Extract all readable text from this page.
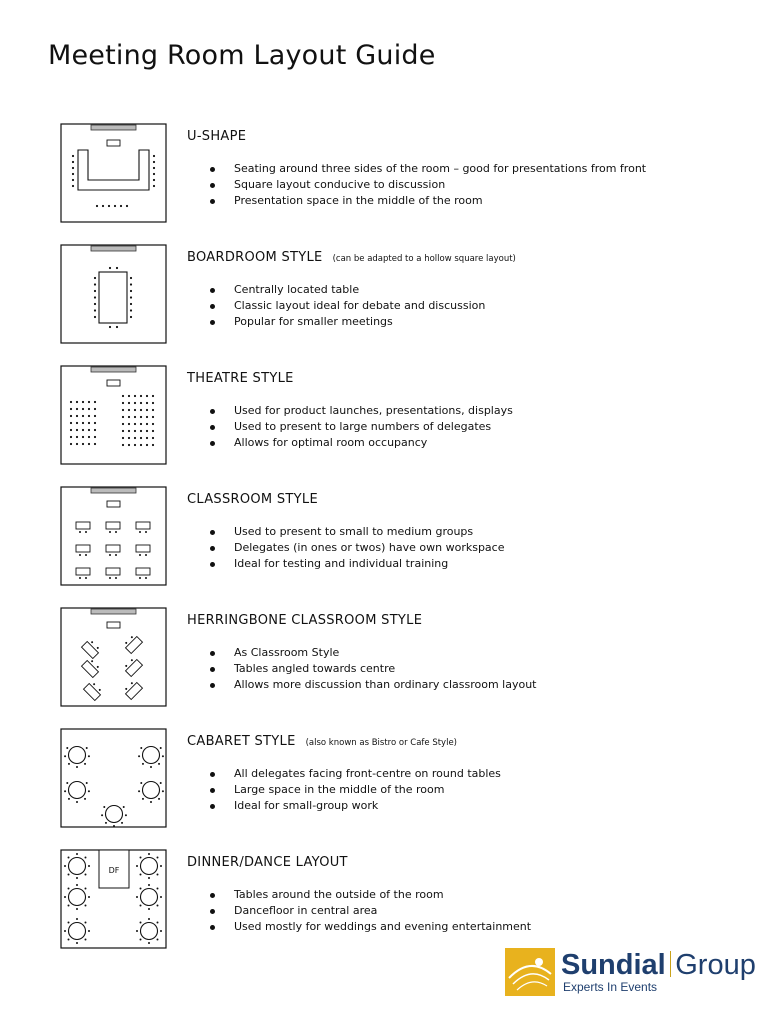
Meeting Room Layout Guide
U-SHAPE
Seating around three sides of the room – good for presentations from front
Square layout conducive to discussion
Presentation space in the middle of the room
BOARDROOM STYLE (can be adapted to a hollow square layout)
Centrally located table
Classic layout ideal for debate and discussion
Popular for smaller meetings
THEATRE STYLE
Used for product launches, presentations, displays
Used to present to large numbers of delegates
Allows for optimal room occupancy
CLASSROOM STYLE
Used to present to small to medium groups
Delegates (in ones or twos) have own workspace
Ideal for testing and individual training
HERRINGBONE CLASSROOM STYLE
As Classroom Style
Tables angled towards centre
Allows more discussion than ordinary classroom layout
CABARET STYLE (also known as Bistro or Cafe Style)
All delegates facing front-centre on round tables
Large space in the middle of the room
Ideal for small-group work
DF
DINNER/DANCE LAYOUT
Tables around the outside of the room
Dancefloor in central area
Used mostly for weddings and evening entertainment
Sundial Group
Experts In Events
